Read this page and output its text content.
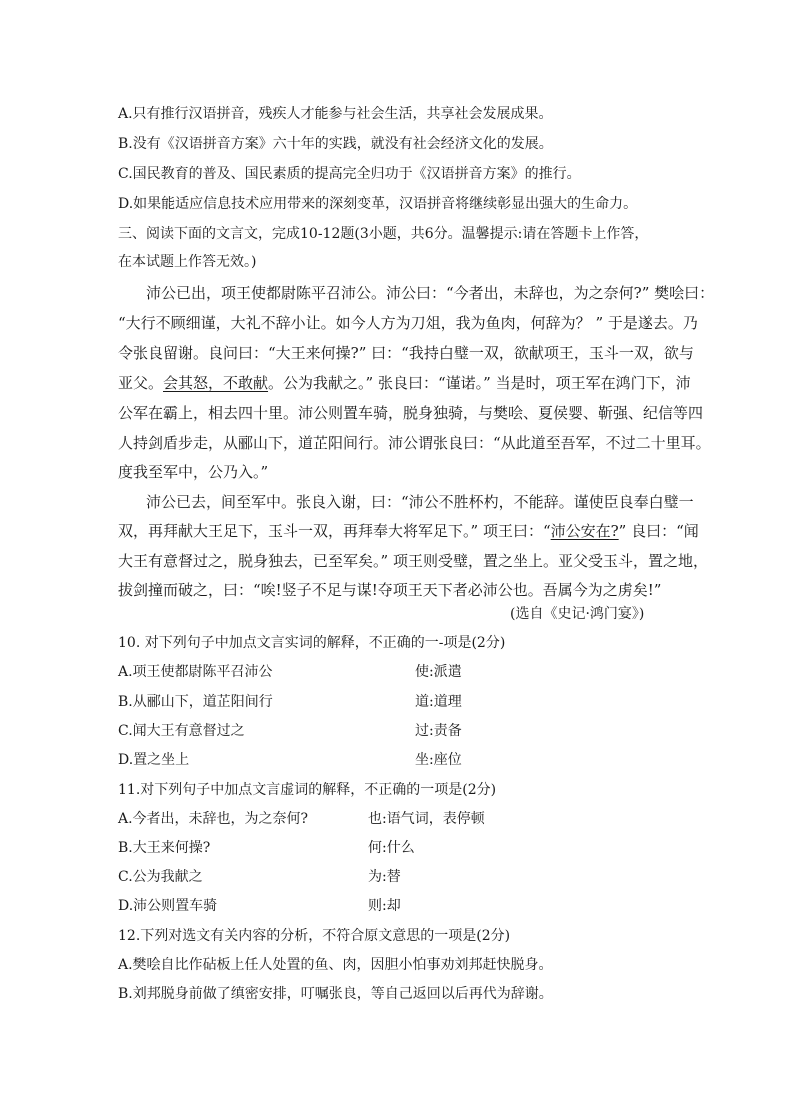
A.只有推行汉语拼音，残疾人才能参与社会生活，共享社会发展成果。
B.没有《汉语拼音方案》六十年的实践，就没有社会经济文化的发展。
C.国民教育的普及、国民素质的提高完全归功于《汉语拼音方案》的推行。
D.如果能适应信息技术应用带来的深刻变革，汉语拼音将继续彰显出强大的生命力。
三、阅读下面的文言文，完成10-12题(3小题，共6分。温馨提示:请在答题卡上作答，
在本试题上作答无效。)
沛公已出，项王使都尉陈平召沛公。沛公曰：“今者出，未辞也，为之奈何?” 樊哙曰：
“大行不顾细谨，大礼不辞小让。如今人方为刀俎，我为鱼肉，何辞为？ ” 于是遂去。乃
令张良留谢。良问曰：“大王来何操?” 曰：“我持白璧一双，欲献项王，玉斗一双，欲与
亚父。会其怒，不敢献。公为我献之。” 张良曰：“谨诺。” 当是时，项王军在鸿门下，沛
公军在霸上，相去四十里。沛公则置车骑，脱身独骑，与樊哙、夏侯婴、靳强、纪信等四
人持剑盾步走，从郦山下，道芷阳间行。沛公谓张良曰：“从此道至吾军，不过二十里耳。
度我至军中，公乃入。”
沛公已去，间至军中。张良入谢，曰：“沛公不胜杯杓，不能辞。谨使臣良奉白璧一
双，再拜献大王足下，玉斗一双，再拜奉大将军足下。” 项王曰：“沛公安在?” 良曰：“闻
大王有意督过之，脱身独去，已至军矣。” 项王则受璧，置之坐上。亚父受玉斗，置之地，
拔剑撞而破之，曰：“唉!竖子不足与谋!夺项王天下者必沛公也。吾属今为之虏矣!”
(选自《史记·鸿门宴》)
10. 对下列句子中加点文言实词的解释，不正确的一-项是(2分)
A.项王使都尉陈平召沛公	使:派遣
B.从郦山下，道芷阳间行	道:道理
C.闻大王有意督过之	过:责备
D.置之坐上	坐:座位
11.对下列句子中加点文言虚词的解释，不正确的一项是(2分)
A.今者出，未辞也，为之奈何?	也:语气词，表停顿
B.大王来何操?	何:什么
C.公为我献之	为:替
D.沛公则置车骑	则:却
12.下列对选文有关内容的分析，不符合原文意思的一项是(2分)
A.樊哙自比作砧板上任人处置的鱼、肉，因胆小怕事劝刘邦赶快脱身。
B.刘邦脱身前做了缜密安排，叮嘱张良，等自己返回以后再代为辞谢。
